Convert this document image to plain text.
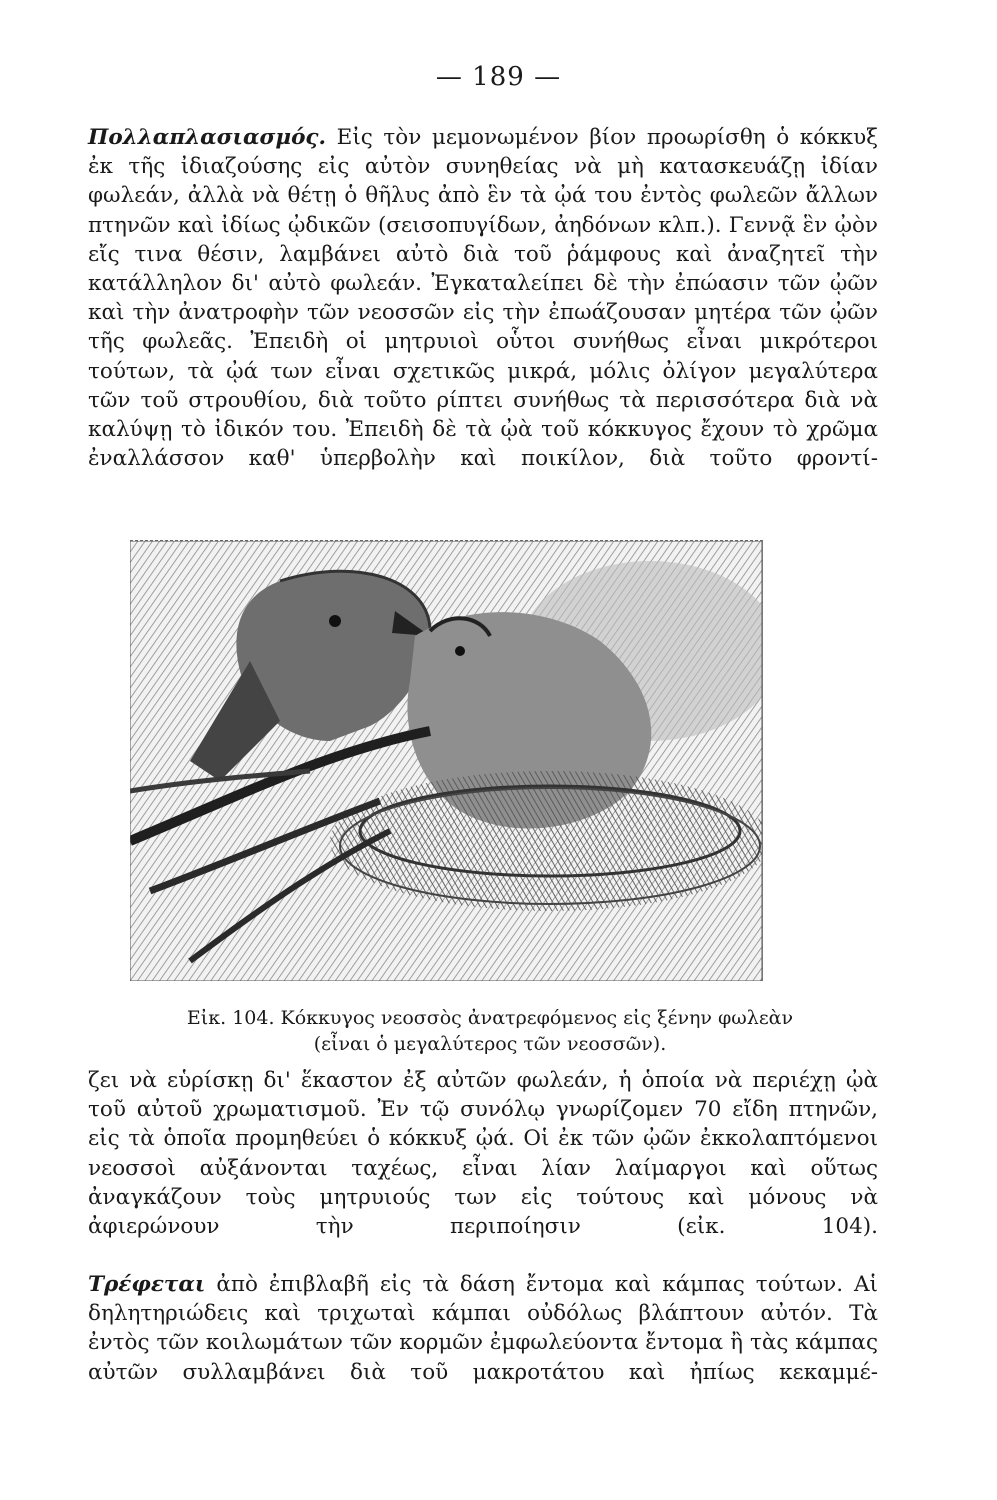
— 189 —

Πολλαπλασιασμός. Εἰς τὸν μεμονωμένον βίον προωρίσθη ὁ κόκκυξ ἐκ τῆς ἰδιαζούσης εἰς αὐτὸν συνηθείας νὰ μὴ κατασκευάζῃ ἰδίαν φωλεάν, ἀλλὰ νὰ θέτῃ ὁ θῆλυς ἀπὸ ἓν τὰ ᾠά του ἐντὸς φωλεῶν ἄλλων πτηνῶν καὶ ἰδίως ᾠδικῶν (σεισοπυγίδων, ἀηδόνων κλπ.). Γεννᾷ ἓν ᾠὸν εἴς τινα θέσιν, λαμβάνει αὐτὸ διὰ τοῦ ῥάμφους καὶ ἀναζητεῖ τὴν κατάλληλον δι' αὐτὸ φωλεάν. Ἐγκαταλείπει δὲ τὴν ἐπώασιν τῶν ᾠῶν καὶ τὴν ἀνατροφὴν τῶν νεοσσῶν εἰς τὴν ἐπωάζουσαν μητέρα τῶν ᾠῶν τῆς φωλεᾶς. Ἐπειδὴ οἱ μητρυιοὶ οὗτοι συνήθως εἶναι μικρότεροι τούτων, τὰ ᾠά των εἶναι σχετικῶς μικρά, μόλις ὀλίγον μεγαλύτερα τῶν τοῦ στρουθίου, διὰ τοῦτο ρίπτει συνήθως τὰ περισσότερα διὰ νὰ καλύψῃ τὸ ἰδικόν του. Ἐπειδὴ δὲ τὰ ᾠὰ τοῦ κόκκυγος ἔχουν τὸ χρῶμα ἐναλλάσσον καθ' ὑπερβολὴν καὶ ποικίλον, διὰ τοῦτο φροντί-

Εἰκ. 104. Κόκκυγος νεοσσὸς ἀνατρεφόμενος εἰς ξένην φωλεὰν
(εἶναι ὁ μεγαλύτερος τῶν νεοσσῶν).

ζει νὰ εὑρίσκῃ δι' ἕκαστον ἐξ αὐτῶν φωλεάν, ἡ ὁποία νὰ περιέχῃ ᾠὰ τοῦ αὐτοῦ χρωματισμοῦ. Ἐν τῷ συνόλῳ γνωρίζομεν 70 εἴδη πτηνῶν, εἰς τὰ ὁποῖα προμηθεύει ὁ κόκκυξ ᾠά. Οἱ ἐκ τῶν ᾠῶν ἐκκολαπτόμενοι νεοσσοὶ αὐξάνονται ταχέως, εἶναι λίαν λαίμαργοι καὶ οὕτως ἀναγκάζουν τοὺς μητρυιούς των εἰς τούτους καὶ μόνους νὰ ἀφιερώνουν τὴν περιποίησιν (εἰκ. 104).

Τρέφεται ἀπὸ ἐπιβλαβῆ εἰς τὰ δάση ἔντομα καὶ κάμπας τούτων. Αἱ δηλητηριώδεις καὶ τριχωταὶ κάμπαι οὐδόλως βλάπτουν αὐτόν. Τὰ ἐντὸς τῶν κοιλωμάτων τῶν κορμῶν ἐμφωλεύοντα ἔντομα ἢ τὰς κάμπας αὐτῶν συλλαμβάνει διὰ τοῦ μακροτάτου καὶ ἠπίως κεκαμμέ-
